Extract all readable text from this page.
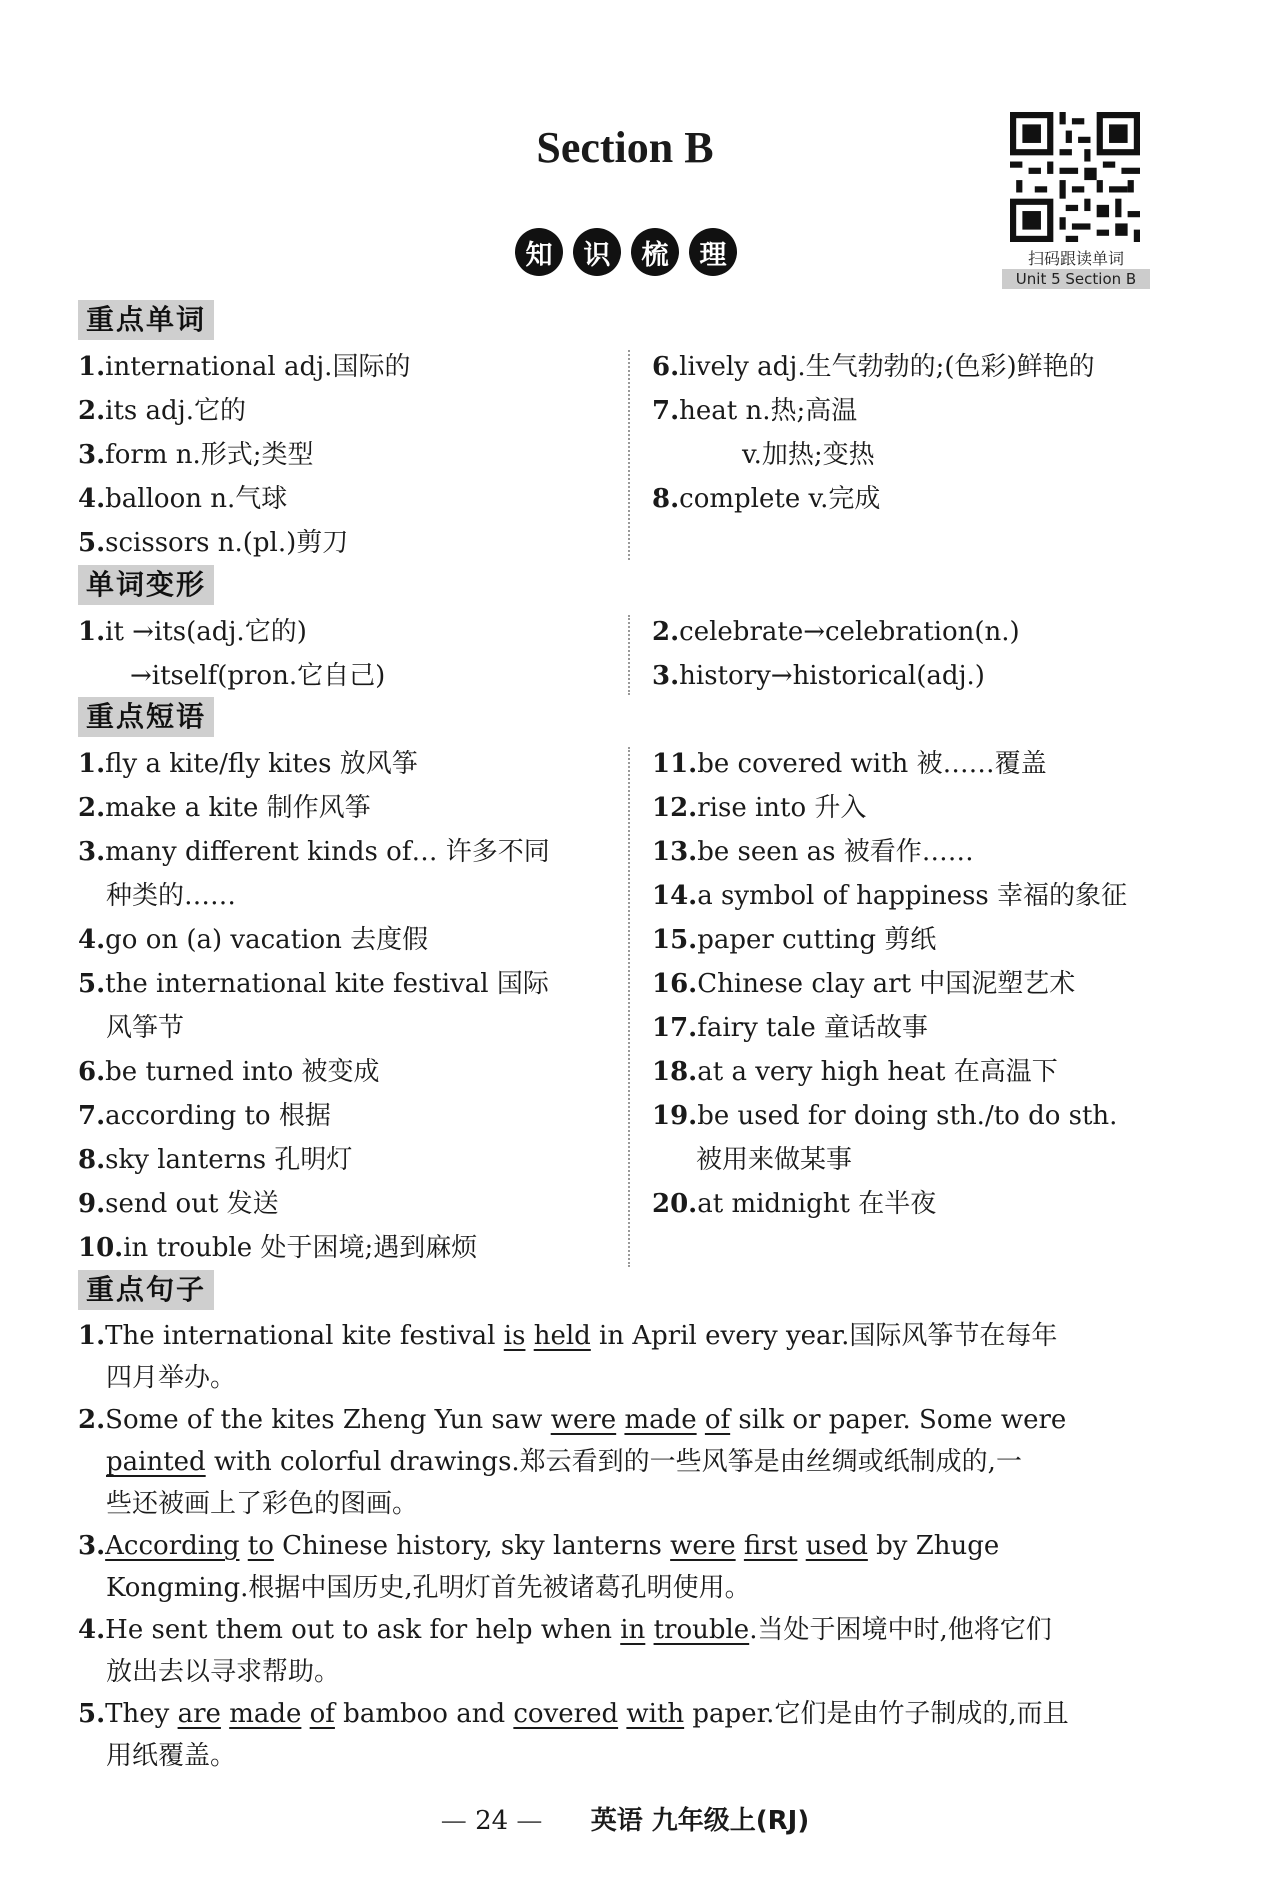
Section B
知	识	梳	理	扫码跟读单词
Unit 5 Section B
重点单词
1.international adj.国际的
2.its adj.它的
3.form n.形式;类型
4.balloon n.气球
5.scissors n.(pl.)剪刀
6.lively adj.生气勃勃的;(色彩)鲜艳的
7.heat n.热;高温
v.加热;变热
8.complete v.完成
单词变形
1.it →its(adj.它的)
→itself(pron.它自己)
2.celebrate→celebration(n.)
3.history→historical(adj.)
重点短语
1.fly a kite/fly kites 放风筝
2.make a kite 制作风筝
3.many different kinds of… 许多不同
种类的……
4.go on (a) vacation 去度假
5.the international kite festival 国际
风筝节
6.be turned into 被变成
7.according to 根据
8.sky lanterns 孔明灯
9.send out 发送
10.in trouble 处于困境;遇到麻烦
11.be covered with 被……覆盖
12.rise into 升入
13.be seen as 被看作……
14.a symbol of happiness 幸福的象征
15.paper cutting 剪纸
16.Chinese clay art 中国泥塑艺术
17.fairy tale 童话故事
18.at a very high heat 在高温下
19.be used for doing sth./to do sth.
被用来做某事
20.at midnight 在半夜
重点句子
1.The international kite festival is held in April every year.国际风筝节在每年
四月举办。
2.Some of the kites Zheng Yun saw were made of silk or paper. Some were
painted with colorful drawings.郑云看到的一些风筝是由丝绸或纸制成的,一
些还被画上了彩色的图画。
3.According to Chinese history, sky lanterns were first used by Zhuge
Kongming.根据中国历史,孔明灯首先被诸葛孔明使用。
4.He sent them out to ask for help when in trouble.当处于困境中时,他将它们
放出去以寻求帮助。
5.They are made of bamboo and covered with paper.它们是由竹子制成的,而且
用纸覆盖。
— 24 — 英语 九年级上(RJ)
